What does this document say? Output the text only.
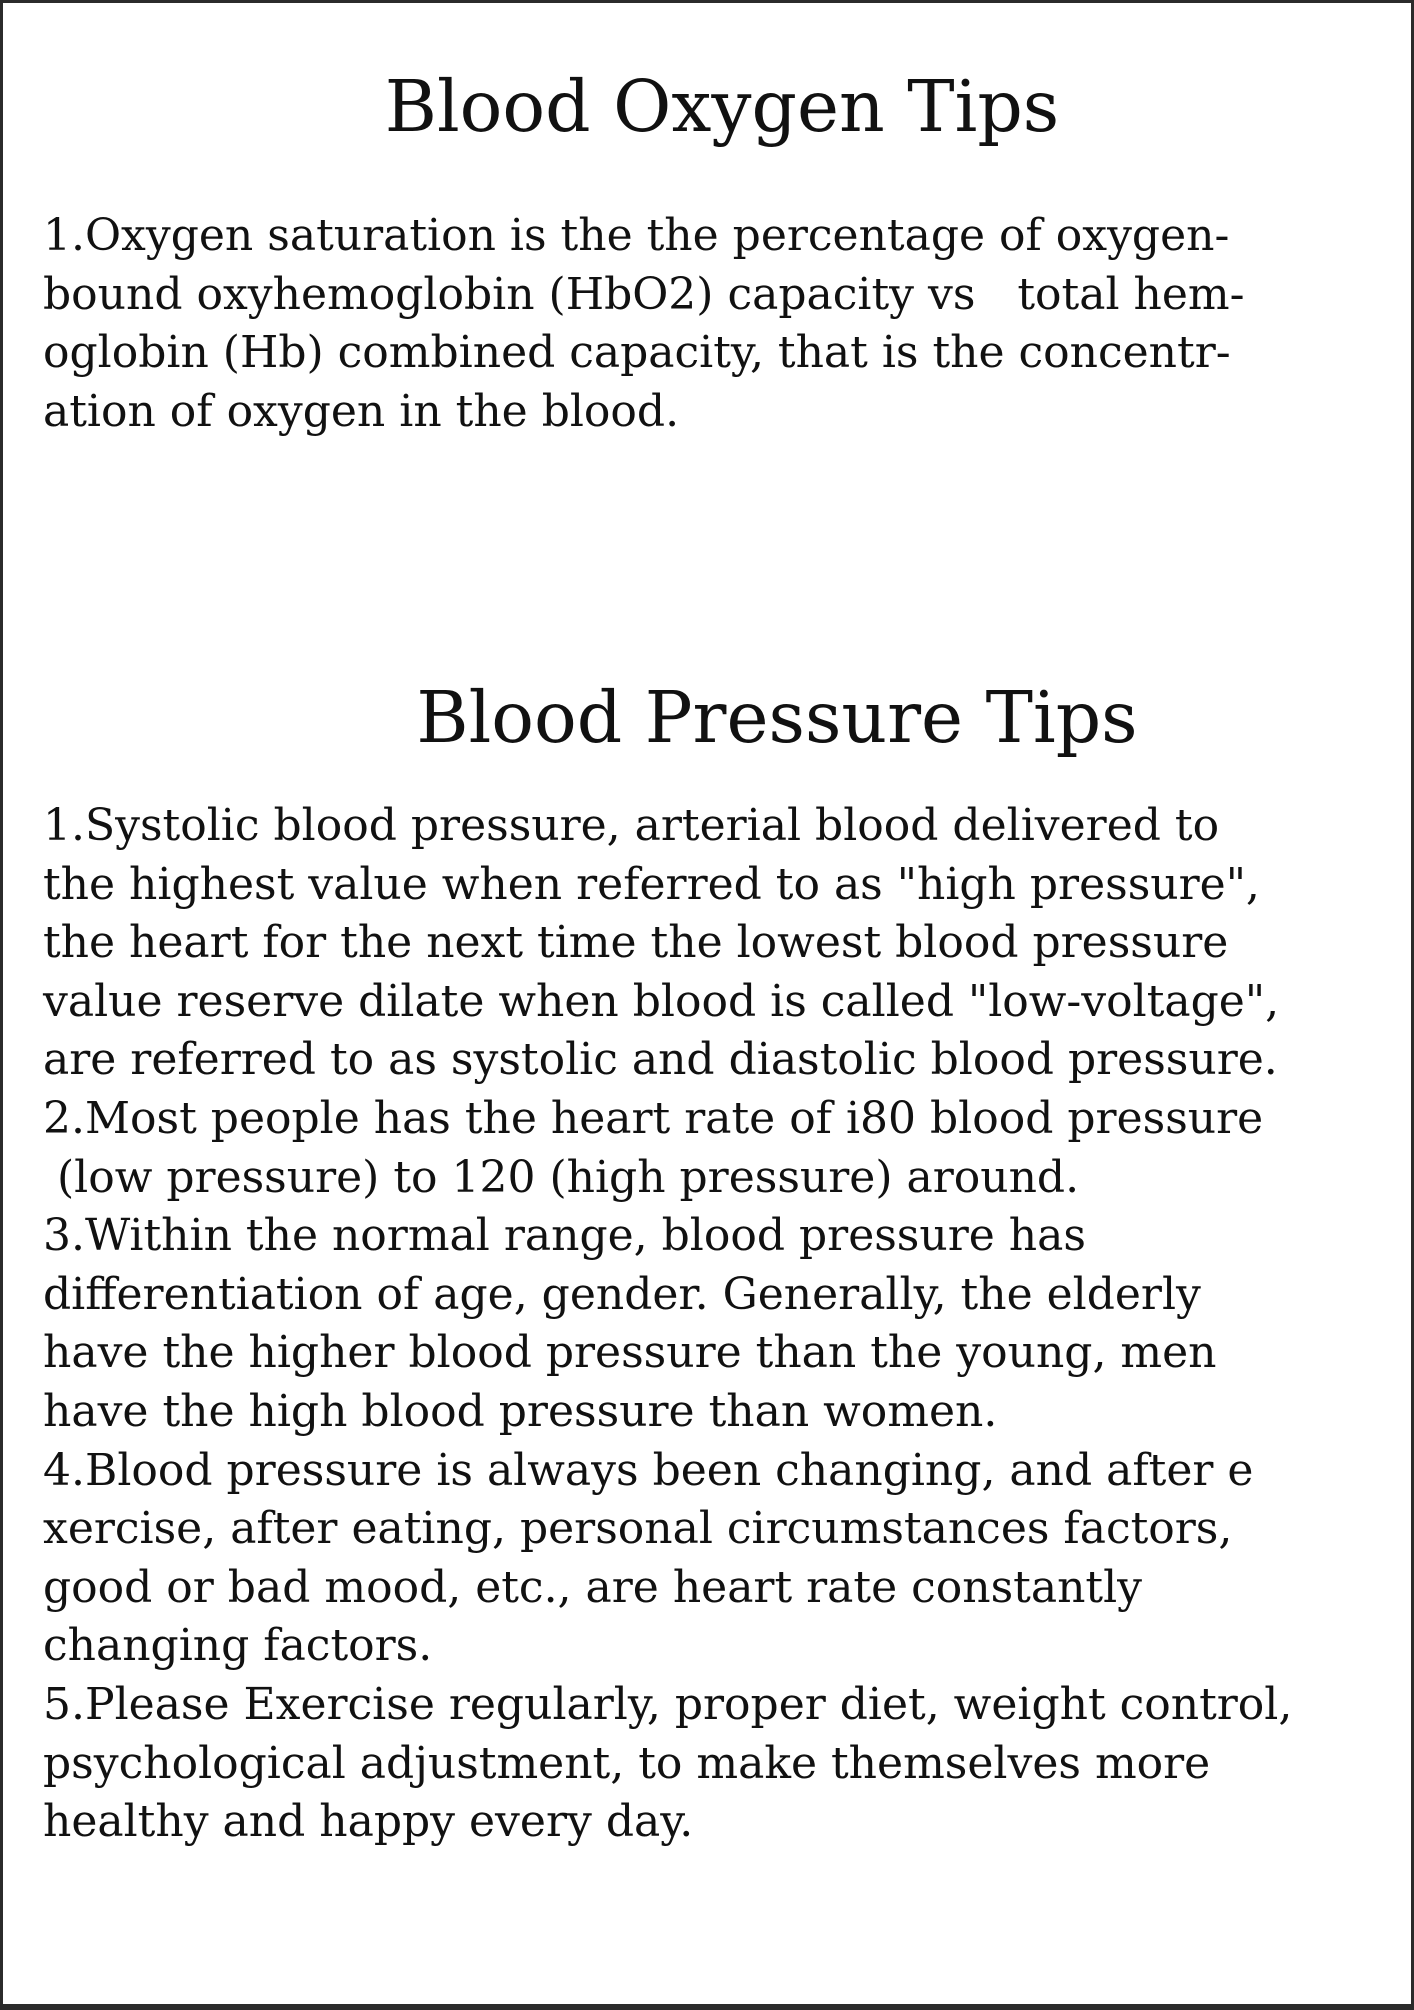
Blood Oxygen Tips
1.Oxygen saturation is the the percentage of oxygen-
bound oxyhemoglobin (HbO2) capacity vs   total hem-
oglobin (Hb) combined capacity, that is the concentr-
ation of oxygen in the blood.
Blood Pressure Tips
1.Systolic blood pressure, arterial blood delivered to
the highest value when referred to as "high pressure",
the heart for the next time the lowest blood pressure
value reserve dilate when blood is called "low-voltage",
are referred to as systolic and diastolic blood pressure.
2.Most people has the heart rate of i80 blood pressure
(low pressure) to 120 (high pressure) around.
3.Within the normal range, blood pressure has
differentiation of age, gender. Generally, the elderly
have the higher blood pressure than the young, men
have the high blood pressure than women.
4.Blood pressure is always been changing, and after e
xercise, after eating, personal circumstances factors,
good or bad mood, etc., are heart rate constantly
changing factors.
5.Please Exercise regularly, proper diet, weight control,
psychological adjustment, to make themselves more
healthy and happy every day.
